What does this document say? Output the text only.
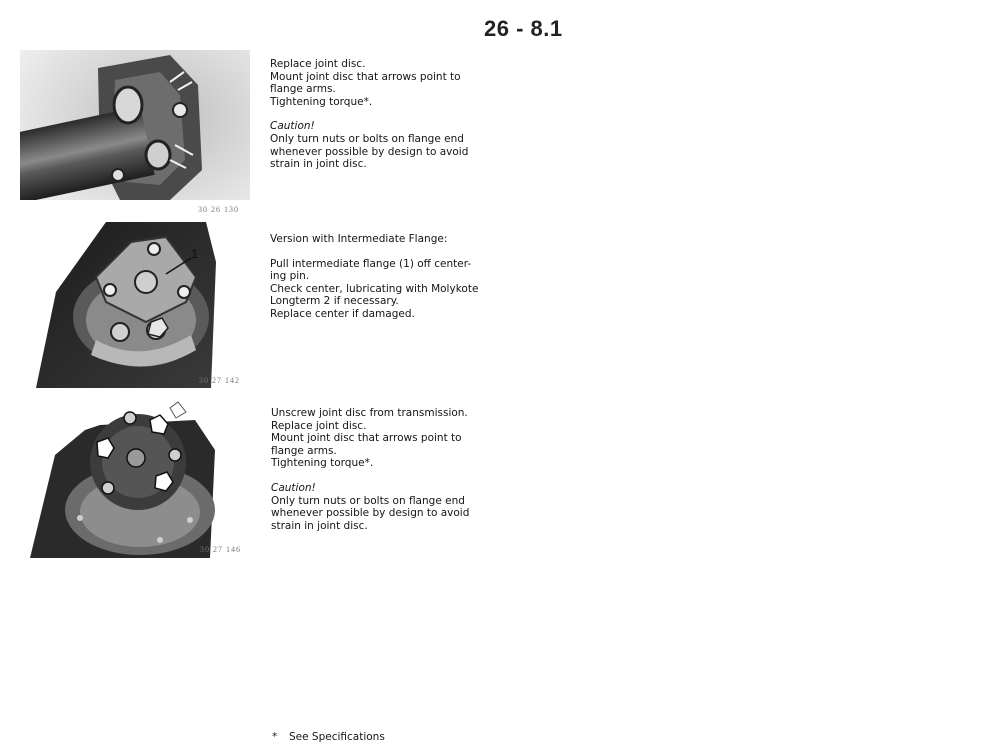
26 - 8.1
30 26 130
1
30 27 142
30 27 146

Replace joint disc.

Mount joint disc that arrows point to

flange arms.

Tightening torque*.

Caution!

Only turn nuts or bolts on flange end

whenever possible by design to avoid

strain in joint disc.

Version with Intermediate Flange:

Pull intermediate flange (1) off center-

ing pin.

Check center, lubricating with Molykote

Longterm 2 if necessary.

Replace center if damaged.

Unscrew joint disc from transmission.

Replace joint disc.

Mount joint disc that arrows point to

flange arms.

Tightening torque*.

Caution!

Only turn nuts or bolts on flange end

whenever possible by design to avoid

strain in joint disc.

* See Specifications
